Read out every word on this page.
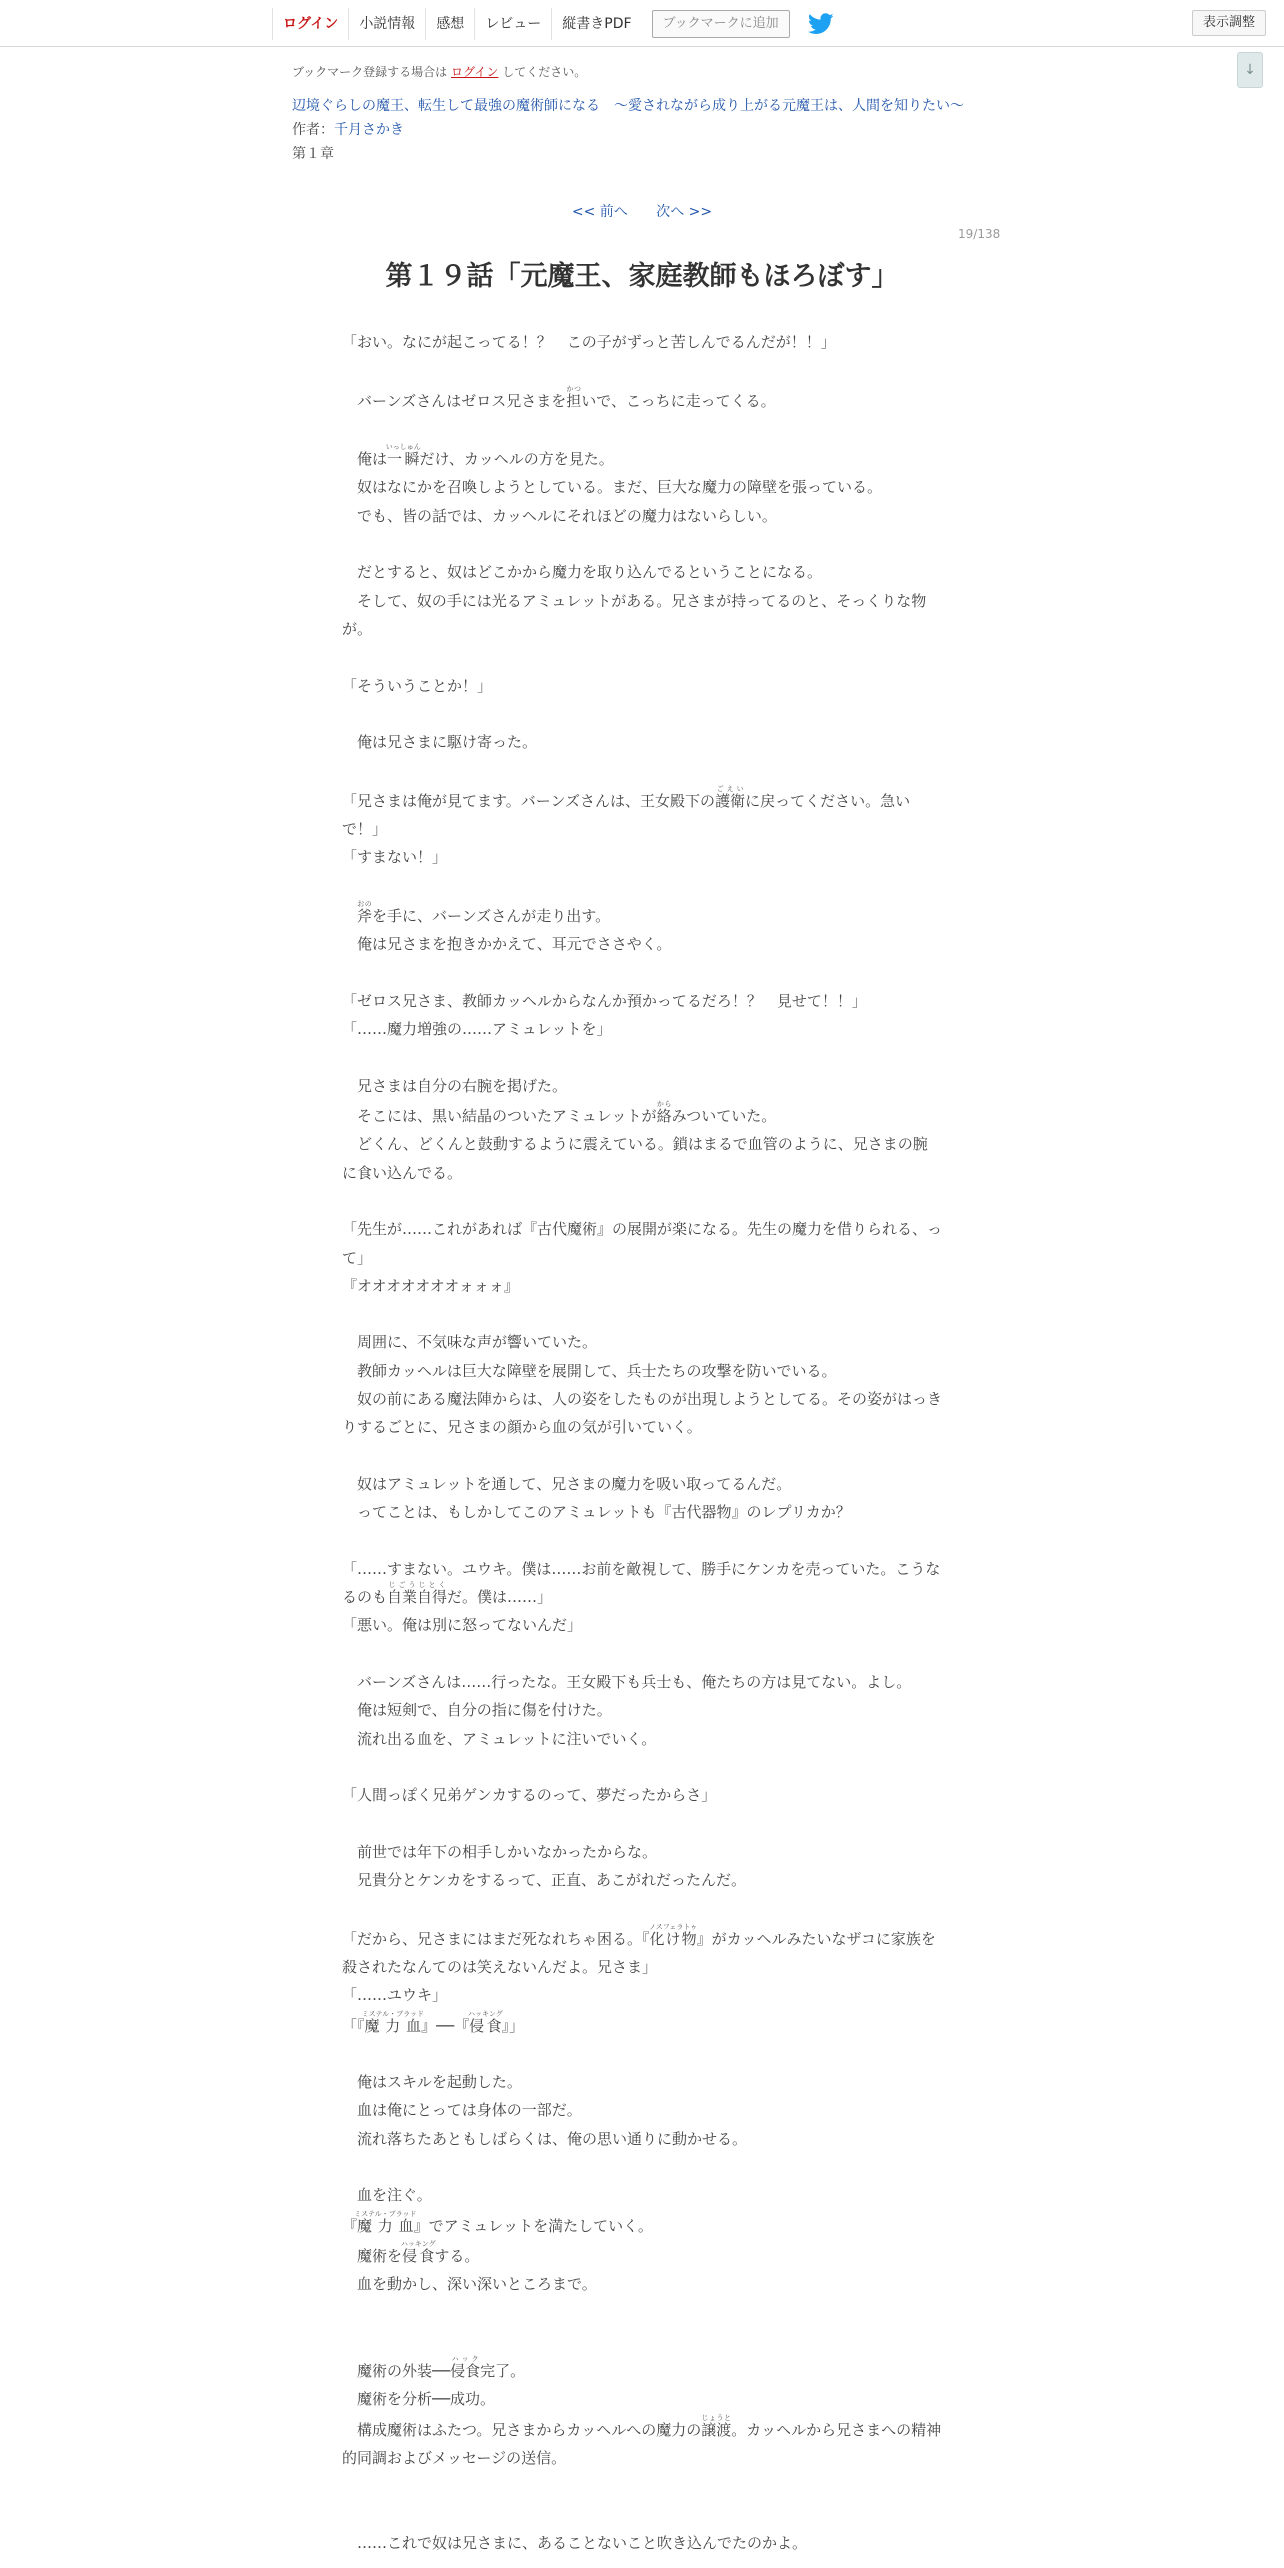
ログイン	小説情報	感想	レビュー	縦書きPDF	ブックマークに追加	表示調整
↓

ブックマーク登録する場合は ログイン してください。

辺境ぐらしの魔王、転生して最強の魔術師になる　〜愛されながら成り上がる元魔王は、人間を知りたい〜
作者：千月さかき
第１章
<< 前へ 次へ >>
19/138
第１９話「元魔王、家庭教師もほろぼす」
「おい。なにが起こってる！？　この子がずっと苦しんでるんだが！！」
　バーンズさんはゼロス兄さまを担かついで、こっちに走ってくる。
　俺は一瞬いっしゅんだけ、カッヘルの方を見た。
　奴はなにかを召喚しようとしている。まだ、巨大な魔力の障壁を張っている。
　でも、皆の話では、カッヘルにそれほどの魔力はないらしい。
　だとすると、奴はどこかから魔力を取り込んでるということになる。
　そして、奴の手には光るアミュレットがある。兄さまが持ってるのと、そっくりな物が。
「そういうことか！」
　俺は兄さまに駆け寄った。
「兄さまは俺が見てます。バーンズさんは、王女殿下の護衛ごえいに戻ってください。急いで！」
「すまない！」
　斧おのを手に、バーンズさんが走り出す。
　俺は兄さまを抱きかかえて、耳元でささやく。
「ゼロス兄さま、教師カッヘルからなんか預かってるだろ！？　見せて！！」
「……魔力増強の……アミュレットを」
　兄さまは自分の右腕を掲げた。
　そこには、黒い結晶のついたアミュレットが絡からみついていた。
　どくん、どくんと鼓動するように震えている。鎖はまるで血管のように、兄さまの腕に食い込んでる。
「先生が……これがあれば『古代魔術』の展開が楽になる。先生の魔力を借りられる、って」
『オオオオオオオォォォ』
　周囲に、不気味な声が響いていた。
　教師カッヘルは巨大な障壁を展開して、兵士たちの攻撃を防いでいる。
　奴の前にある魔法陣からは、人の姿をしたものが出現しようとしてる。その姿がはっきりするごとに、兄さまの顔から血の気が引いていく。
　奴はアミュレットを通して、兄さまの魔力を吸い取ってるんだ。
　ってことは、もしかしてこのアミュレットも『古代器物』のレプリカか？
「……すまない。ユウキ。僕は……お前を敵視して、勝手にケンカを売っていた。こうなるのも自業自得じごうじとくだ。僕は……」
「悪い。俺は別に怒ってないんだ」
　バーンズさんは……行ったな。王女殿下も兵士も、俺たちの方は見てない。よし。
　俺は短剣で、自分の指に傷を付けた。
　流れ出る血を、アミュレットに注いでいく。
「人間っぽく兄弟ゲンカするのって、夢だったからさ」
　前世では年下の相手しかいなかったからな。
　兄貴分とケンカをするって、正直、あこがれだったんだ。
「だから、兄さまにはまだ死なれちゃ困る。『化け物ノスフェラトゥ』がカッヘルみたいなザコに家族を殺されたなんてのは笑えないんだよ。兄さま」
「……ユウキ」
「『魔力血ミステル・ブラッド』──『侵食ハッキング』」
　俺はスキルを起動した。
　血は俺にとっては身体の一部だ。
　流れ落ちたあともしばらくは、俺の思い通りに動かせる。
　血を注ぐ。
『魔力血ミステル・ブラッド』でアミュレットを満たしていく。
　魔術を侵食ハッキングする。
　血を動かし、深い深いところまで。
　魔術の外装──侵食ハック完了。
　魔術を分析──成功。
　構成魔術はふたつ。兄さまからカッヘルへの魔力の譲渡じょうと。カッヘルから兄さまへの精神的同調およびメッセージの送信。
　……これで奴は兄さまに、あることないこと吹き込んでたのかよ。
